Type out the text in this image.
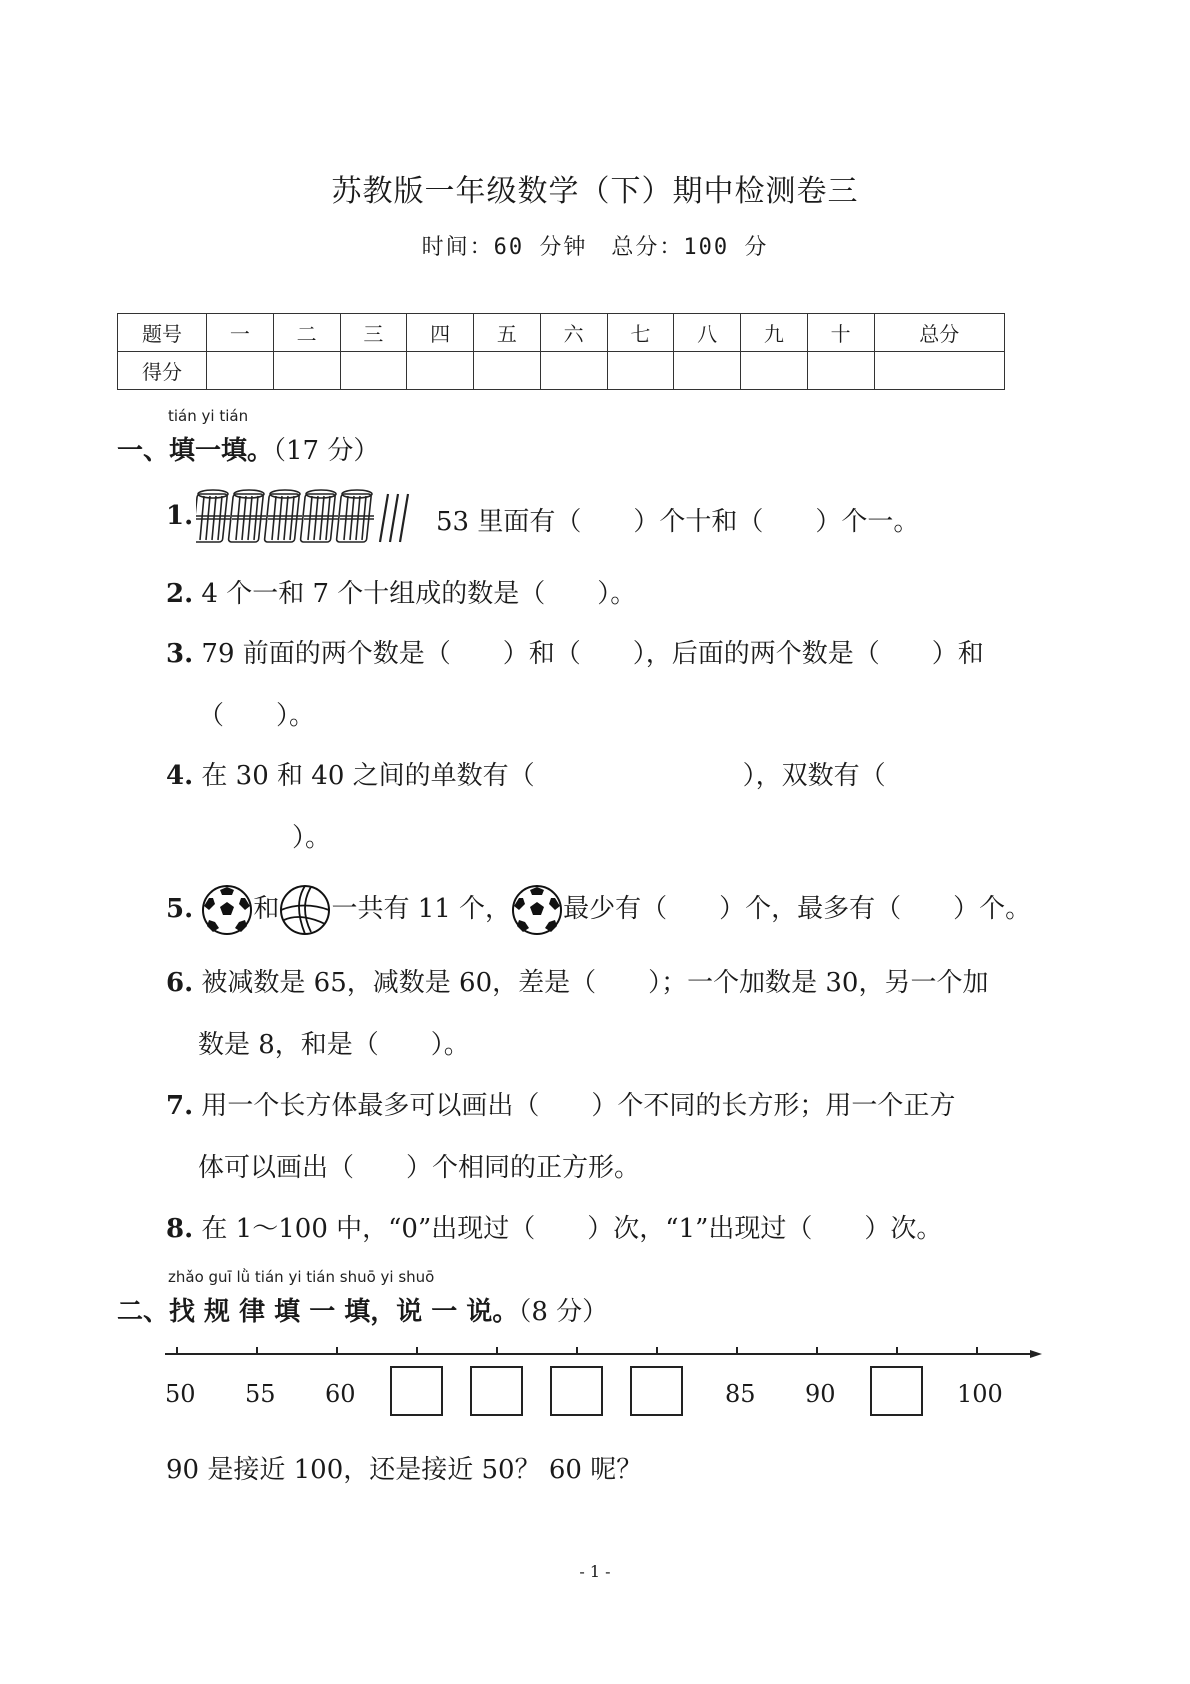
苏教版一年级数学（下）期中检测卷三
时间：60 分钟　总分：100 分
题号	一	二	三	四	五	六	七	八	九	十	总分
得分											
tián yi tián
一、填一填。（17 分）
1.	53 里面有（　　）个十和（　　）个一。
2. 4 个一和 7 个十组成的数是（　　）。
3. 79 前面的两个数是（　　）和（　　），后面的两个数是（　　）和
（　　）。
4. 在 30 和 40 之间的单数有（　　　　　　　　），双数有（
）。
5. 和 一共有 11 个， 最少有（　　）个，最多有（　　）个。
6. 被减数是 65，减数是 60，差是（　　）；一个加数是 30，另一个加
数是 8，和是（　　）。
7. 用一个长方体最多可以画出（　　）个不同的长方形；用一个正方
体可以画出（　　）个相同的正方形。
8. 在 1～100 中，“0”出现过（　　）次，“1”出现过（　　）次。
zhǎo guī lǜ tián yi tián shuō yi shuō
二、找 规 律 填 一 填，说 一 说。（8 分）
50 55 60	85 90	100
90 是接近 100，还是接近 50？ 60 呢？
- 1 -
